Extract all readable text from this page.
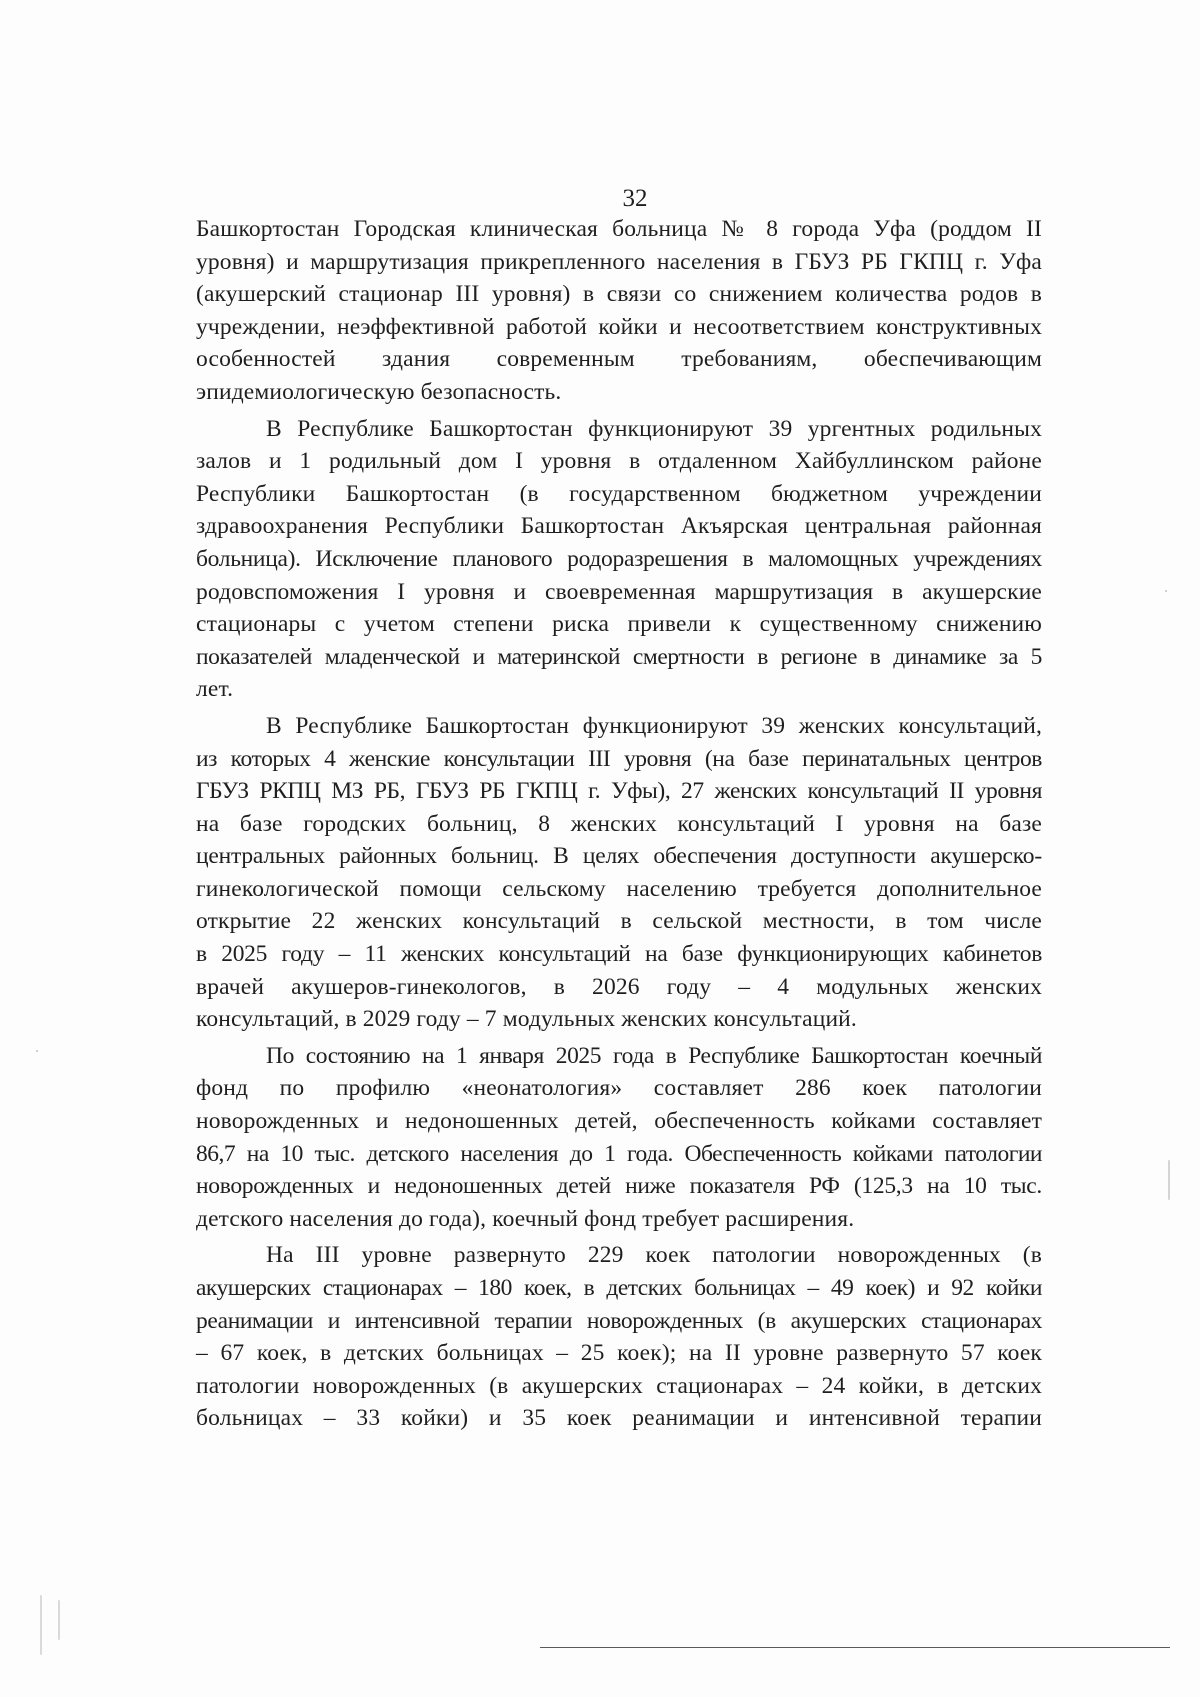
32

Башкортостан Городская клиническая больница № 8 города Уфа (роддом II
уровня) и маршрутизация прикрепленного населения в ГБУЗ РБ ГКПЦ г. Уфа
(акушерский стационар III уровня) в связи со снижением количества родов в
учреждении, неэффективной работой койки и несоответствием конструктивных
особенностей здания современным требованиям, обеспечивающим
эпидемиологическую безопасность.

В Республике Башкортостан функционируют 39 ургентных родильных
залов и 1 родильный дом I уровня в отдаленном Хайбуллинском районе
Республики Башкортостан (в государственном бюджетном учреждении
здравоохранения Республики Башкортостан Акъярская центральная районная
больница). Исключение планового родоразрешения в маломощных учреждениях
родовспоможения I уровня и своевременная маршрутизация в акушерские
стационары с учетом степени риска привели к существенному снижению
показателей младенческой и материнской смертности в регионе в динамике за 5
лет.

В Республике Башкортостан функционируют 39 женских консультаций,
из которых 4 женские консультации III уровня (на базе перинатальных центров
ГБУЗ РКПЦ МЗ РБ, ГБУЗ РБ ГКПЦ г. Уфы), 27 женских консультаций II уровня
на базе городских больниц, 8 женских консультаций I уровня на базе
центральных районных больниц. В целях обеспечения доступности акушерско-
гинекологической помощи сельскому населению требуется дополнительное
открытие 22 женских консультаций в сельской местности, в том числе
в 2025 году – 11 женских консультаций на базе функционирующих кабинетов
врачей акушеров-гинекологов, в 2026 году – 4 модульных женских
консультаций, в 2029 году – 7 модульных женских консультаций.

По состоянию на 1 января 2025 года в Республике Башкортостан коечный
фонд по профилю «неонатология» составляет 286 коек патологии
новорожденных и недоношенных детей, обеспеченность койками составляет
86,7 на 10 тыс. детского населения до 1 года. Обеспеченность койками патологии
новорожденных и недоношенных детей ниже показателя РФ (125,3 на 10 тыс.
детского населения до года), коечный фонд требует расширения.

На III уровне развернуто 229 коек патологии новорожденных (в
акушерских стационарах – 180 коек, в детских больницах – 49 коек) и 92 койки
реанимации и интенсивной терапии новорожденных (в акушерских стационарах
– 67 коек, в детских больницах – 25 коек); на II уровне развернуто 57 коек
патологии новорожденных (в акушерских стационарах – 24 койки, в детских
больницах – 33 койки) и 35 коек реанимации и интенсивной терапии
